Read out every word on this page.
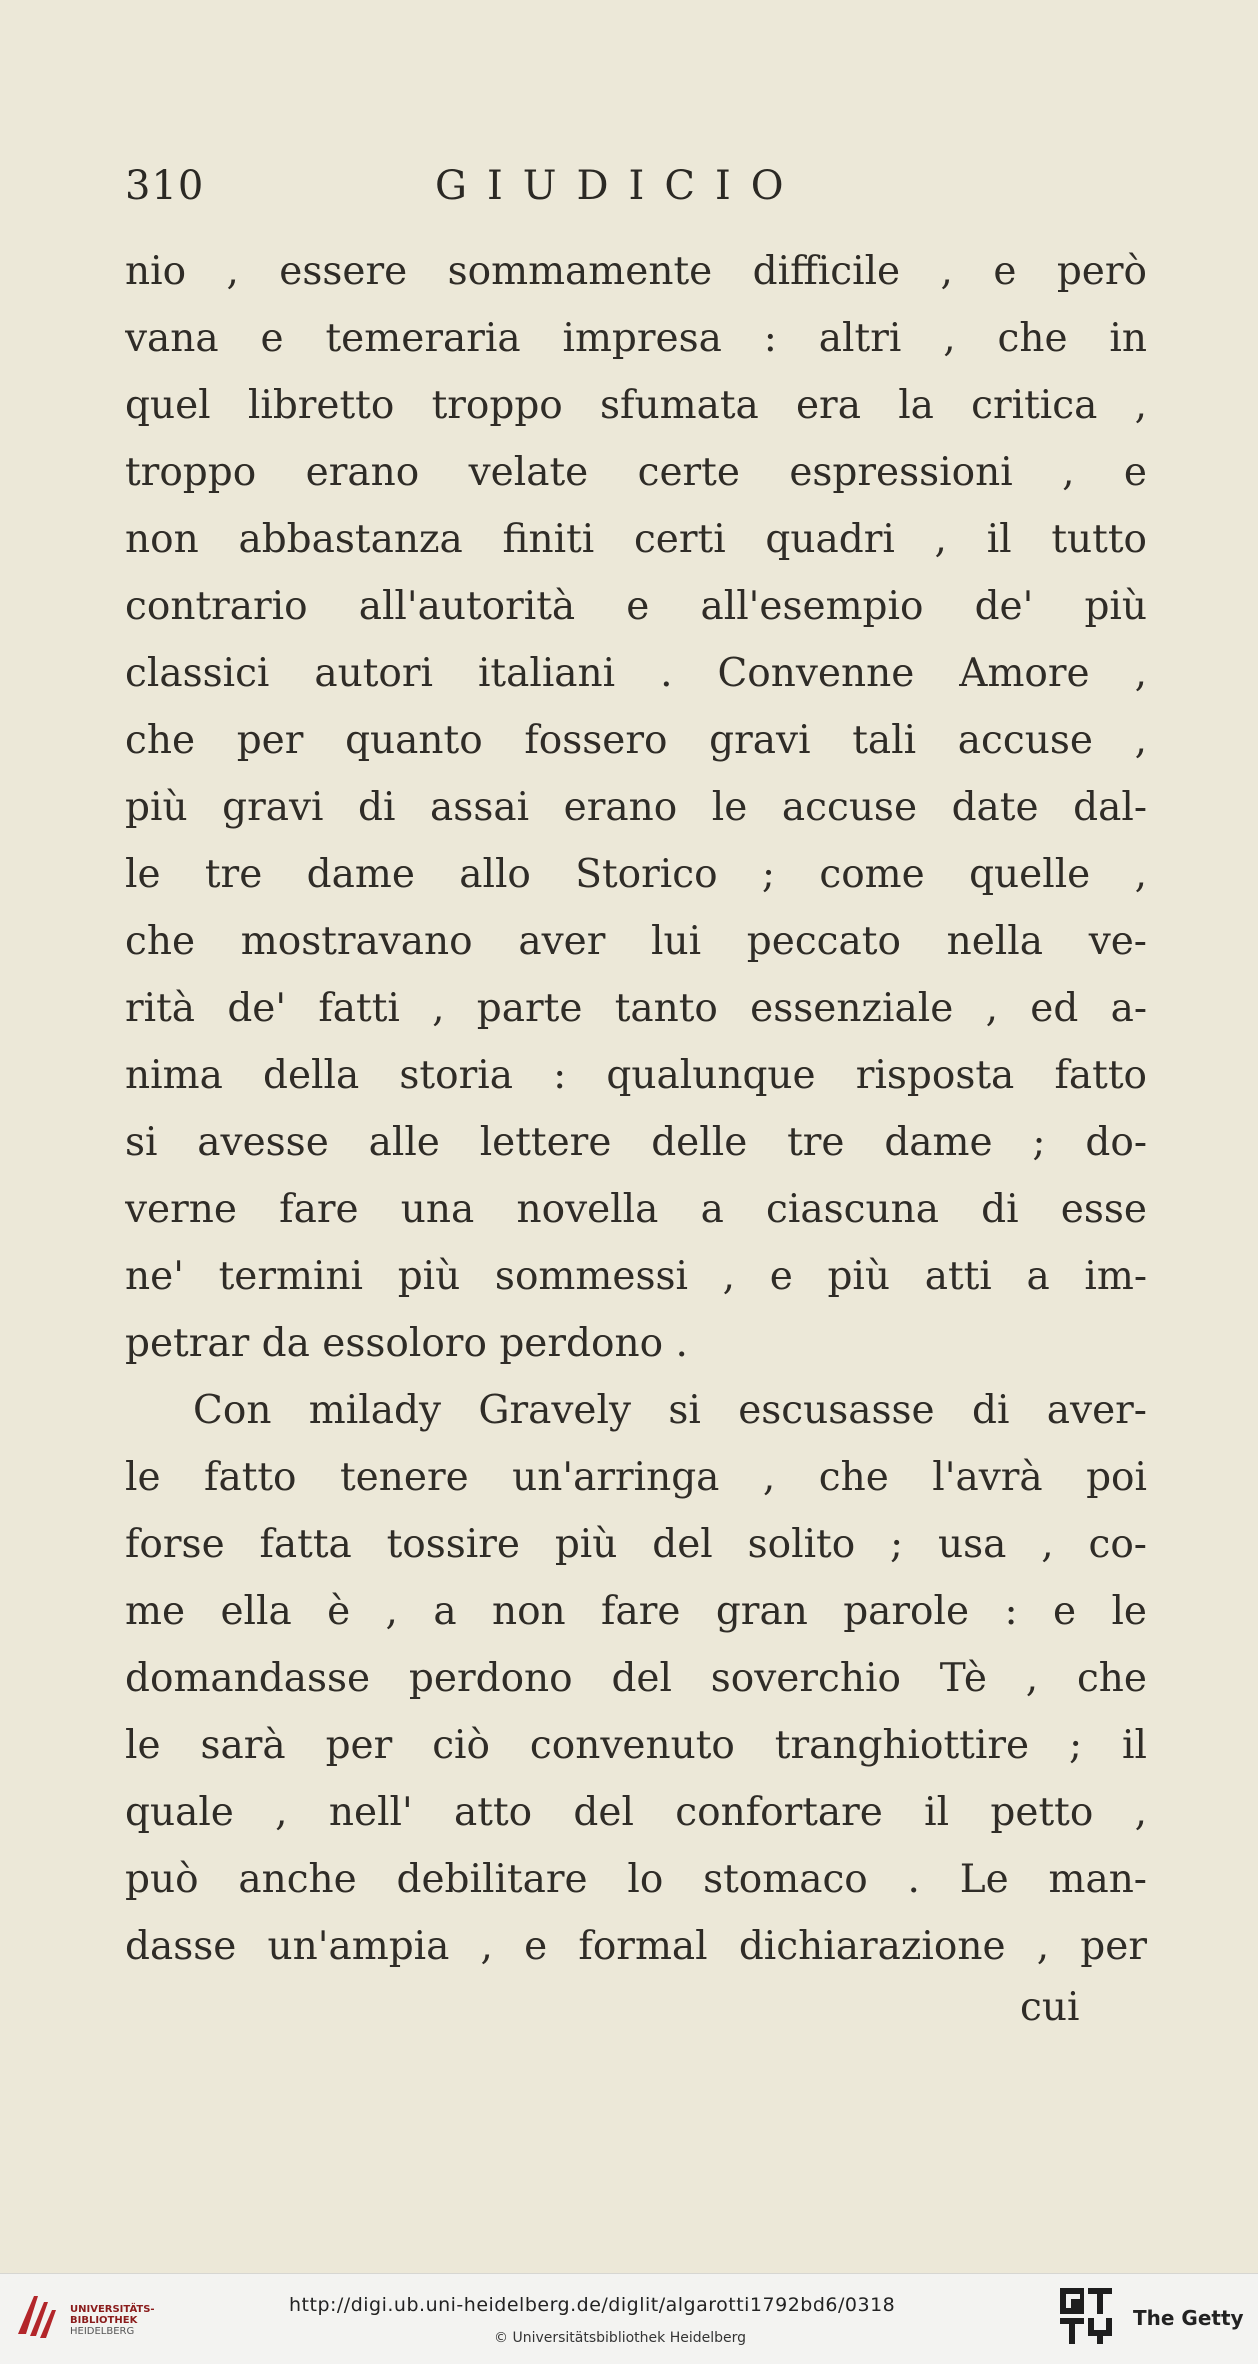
310	GIUDICIO
nio , essere sommamente difficile , e però
vana e temeraria impresa : altri , che in
quel libretto troppo sfumata era la critica ,
troppo erano velate certe espressioni , e
non abbastanza finiti certi quadri , il tutto
contrario all'autorità e all'esempio de' più
classici autori italiani . Convenne Amore ,
che per quanto fossero gravi tali accuse ,
più gravi di assai erano le accuse date dal-
le tre dame allo Storico ; come quelle ,
che mostravano aver lui peccato nella ve-
rità de' fatti , parte tanto essenziale , ed a-
nima della storia : qualunque risposta fatto
si avesse alle lettere delle tre dame ; do-
verne fare una novella a ciascuna di esse
ne' termini più sommessi , e più atti a im-
petrar da essoloro perdono .
Con milady Gravely si escusasse di aver-
le fatto tenere un'arringa , che l'avrà poi
forse fatta tossire più del solito ; usa , co-
me ella è , a non fare gran parole : e le
domandasse perdono del soverchio Tè , che
le sarà per ciò convenuto tranghiottire ; il
quale , nell' atto del confortare il petto ,
può anche debilitare lo stomaco . Le man-
dasse un'ampia , e formal dichiarazione , per
cui
UNIVERSITÄTS-
BIBLIOTHEK
HEIDELBERG
http://digi.ub.uni-heidelberg.de/diglit/algarotti1792bd6/0318
© Universitätsbibliothek Heidelberg
The Getty
